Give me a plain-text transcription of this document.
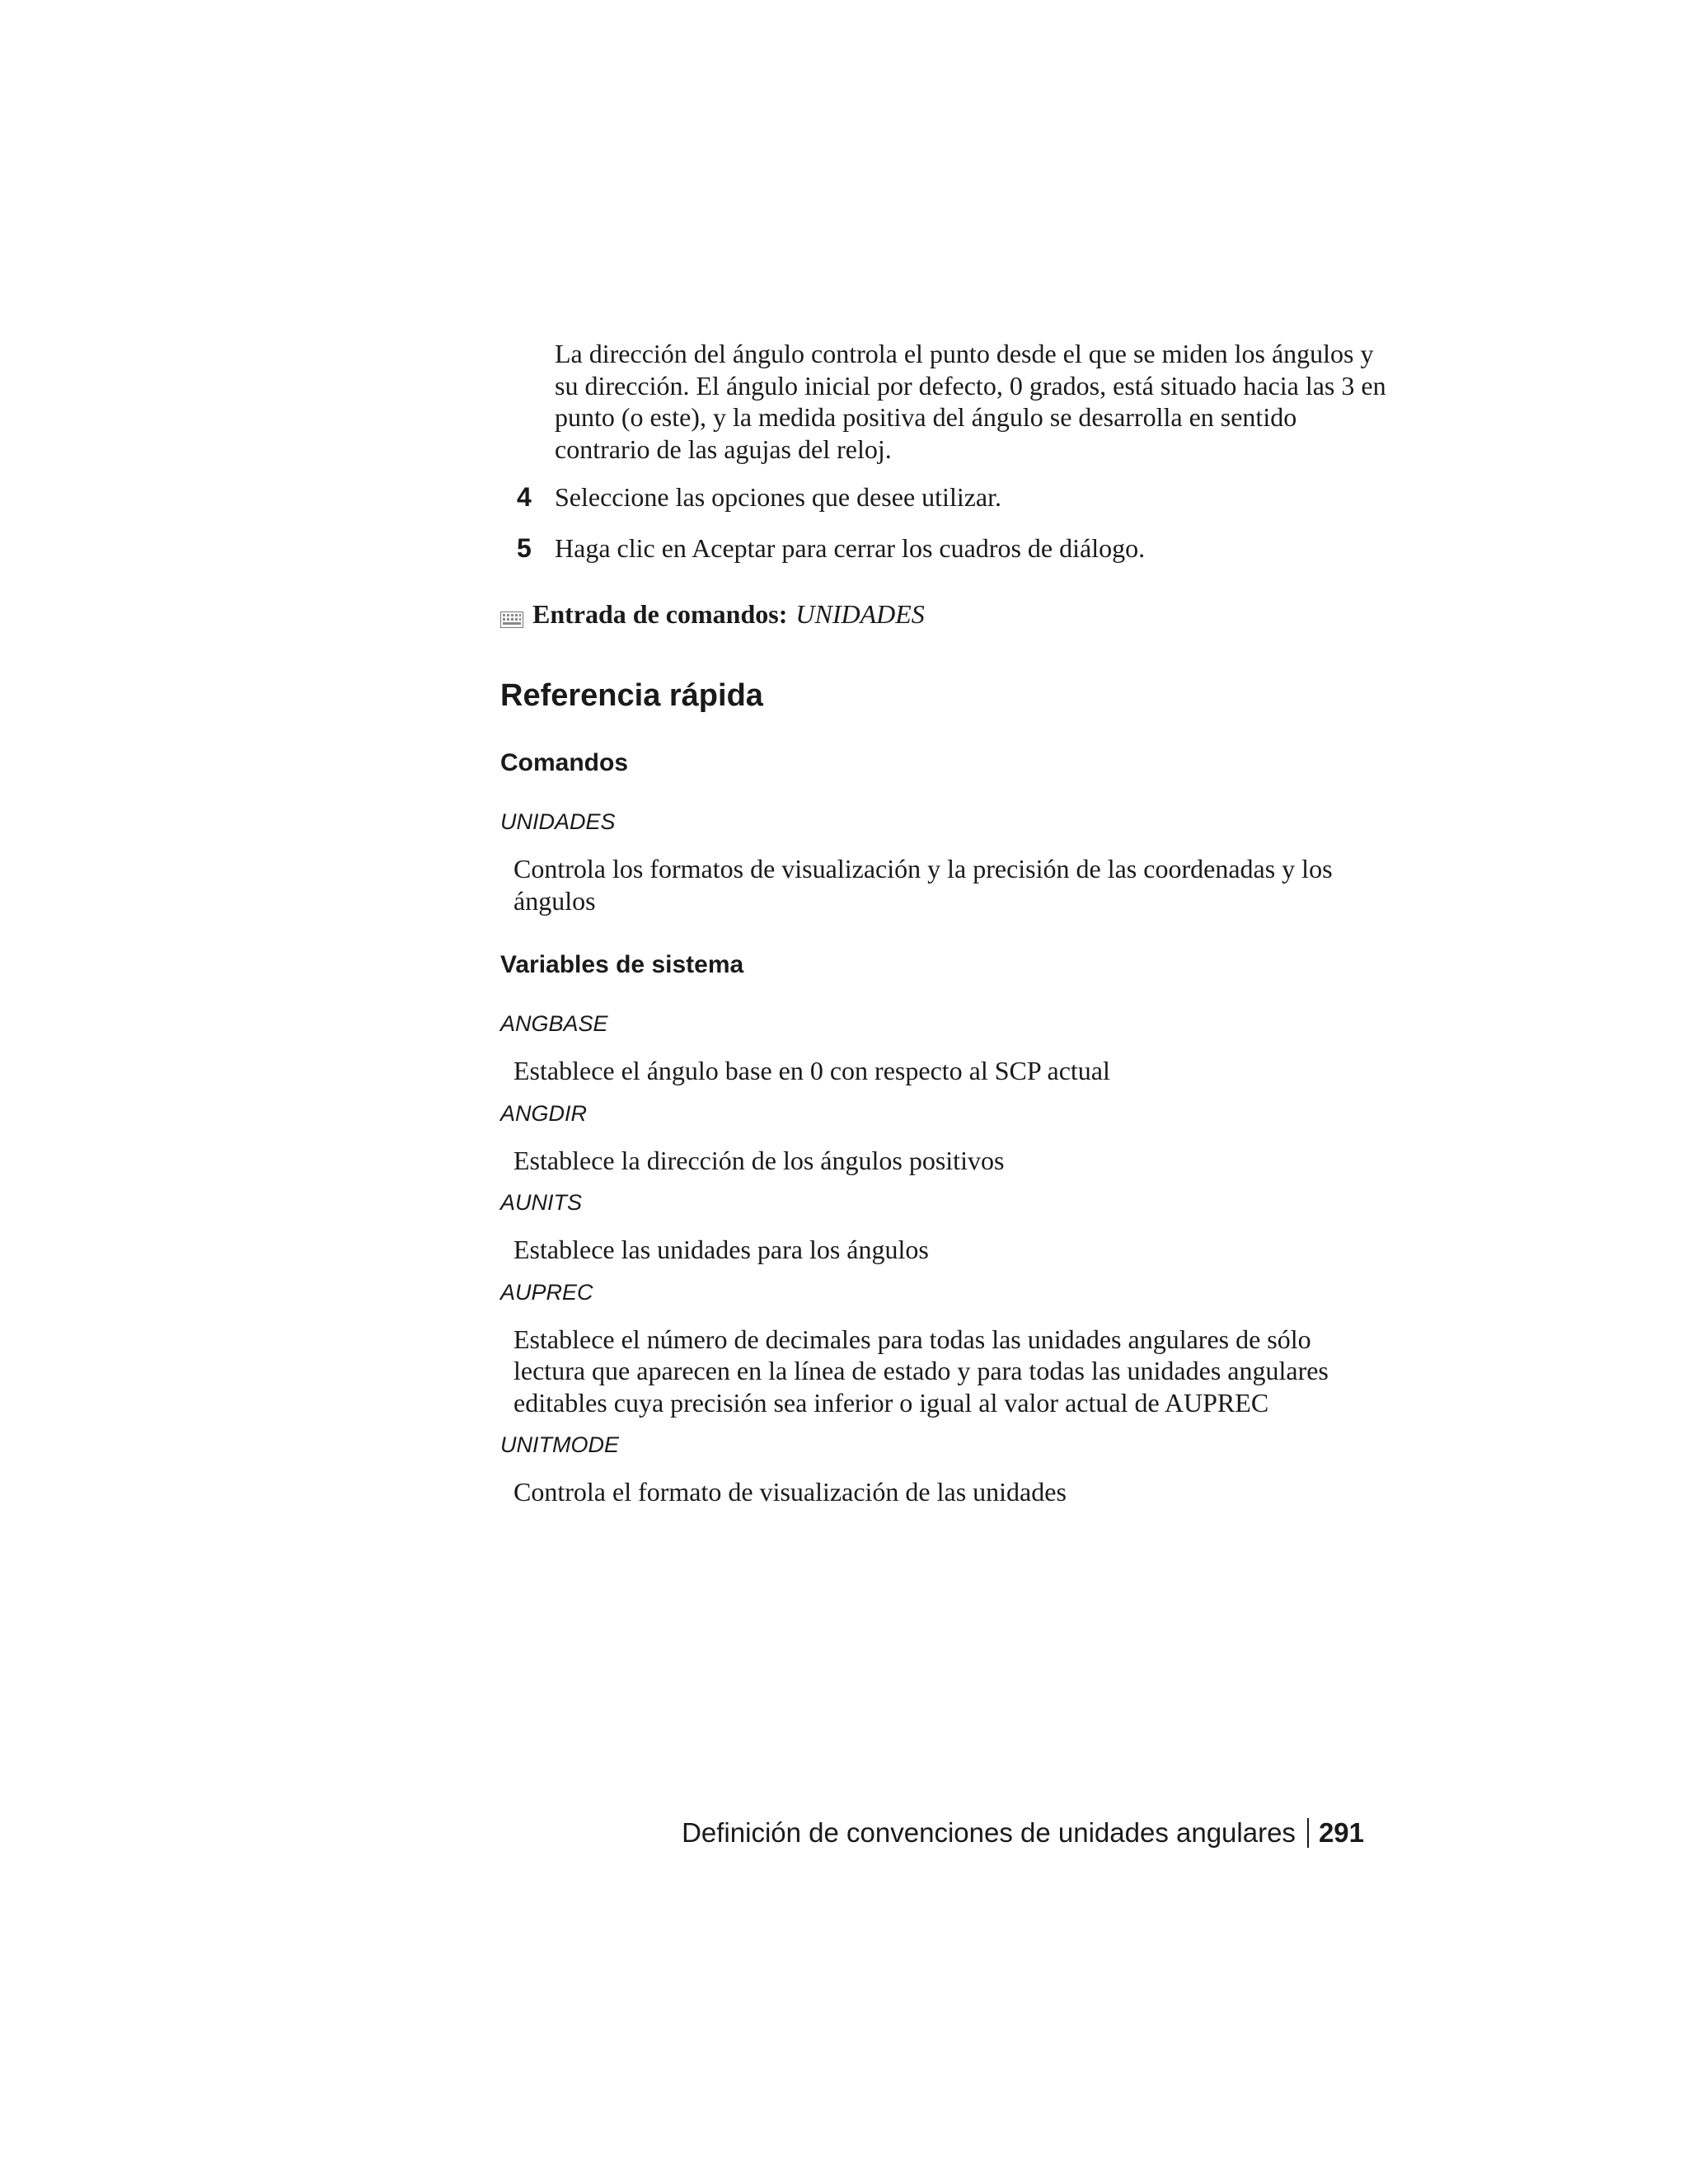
La dirección del ángulo controla el punto desde el que se miden los ángulos y su dirección. El ángulo inicial por defecto, 0 grados, está situado hacia las 3 en punto (o este), y la medida positiva del ángulo se desarrolla en sentido contrario de las agujas del reloj.

4 Seleccione las opciones que desee utilizar.
5 Haga clic en Aceptar para cerrar los cuadros de diálogo.
Entrada de comandos: UNIDADES
Referencia rápida
Comandos

UNIDADES

Controla los formatos de visualización y la precisión de las coordenadas y los ángulos

Variables de sistema

ANGBASE

Establece el ángulo base en 0 con respecto al SCP actual

ANGDIR

Establece la dirección de los ángulos positivos

AUNITS

Establece las unidades para los ángulos

AUPREC

Establece el número de decimales para todas las unidades angulares de sólo lectura que aparecen en la línea de estado y para todas las unidades angulares editables cuya precisión sea inferior o igual al valor actual de AUPREC

UNITMODE

Controla el formato de visualización de las unidades

Definición de convenciones de unidades angulares 291
